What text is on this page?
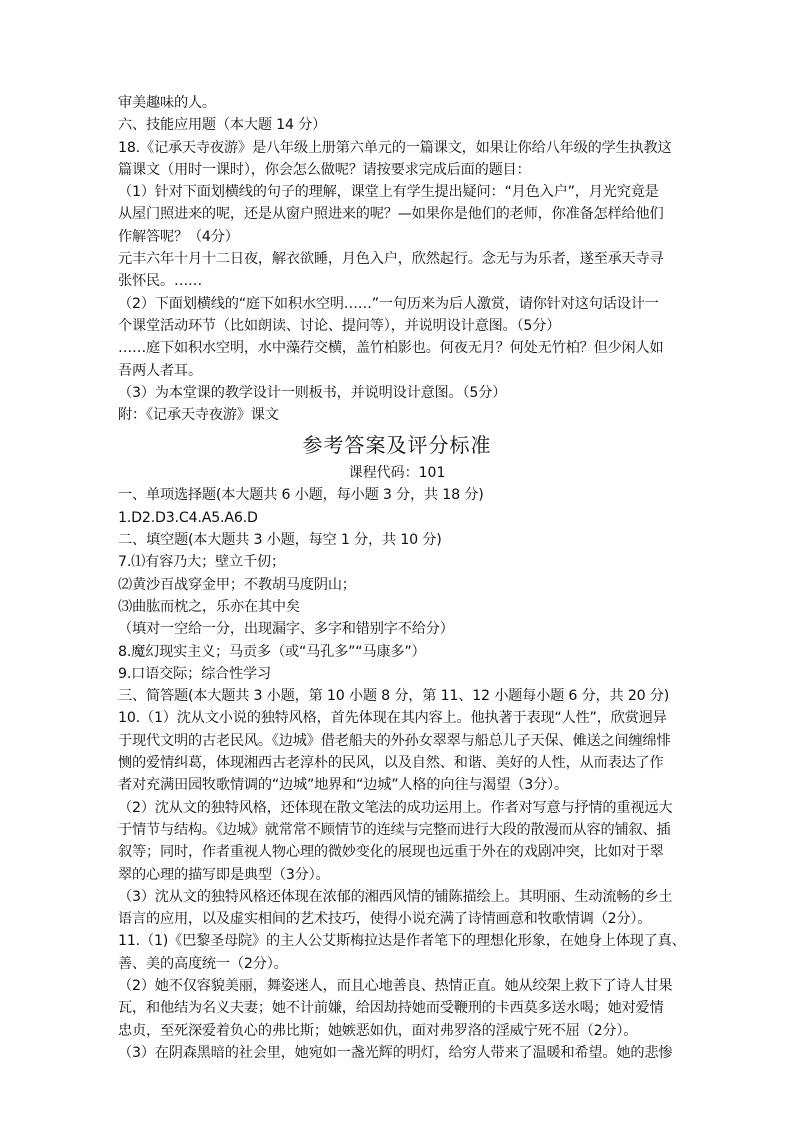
审美趣味的人。
六、技能应用题（本大题 14 分）
18.《记承天寺夜游》是八年级上册第六单元的一篇课文，如果让你给八年级的学生执教这
篇课文（用时一课时），你会怎么做呢？请按要求完成后面的题目：
（1）针对下面划横线的句子的理解，课堂上有学生提出疑问：“月色入户”，月光究竟是
从屋门照进来的呢，还是从窗户照进来的呢？—如果你是他们的老师，你准备怎样给他们
作解答呢？（4分）
元丰六年十月十二日夜，解衣欲睡，月色入户，欣然起行。念无与为乐者，遂至承天寺寻
张怀民。……
（2）下面划横线的“庭下如积水空明……”一句历来为后人激赏，请你针对这句话设计一
个课堂活动环节（比如朗读、讨论、提问等），并说明设计意图。（5分）
……庭下如积水空明，水中藻荇交横，盖竹柏影也。何夜无月？何处无竹柏？但少闲人如
吾两人者耳。
（3）为本堂课的教学设计一则板书，并说明设计意图。（5分）
附：《记承天寺夜游》课文
参考答案及评分标准
课程代码：101
一、单项选择题(本大题共 6 小题，每小题 3 分，共 18 分)
1.D2.D3.C4.A5.A6.D
二、填空题(本大题共 3 小题，每空 1 分，共 10 分)
7.⑴有容乃大；壁立千仞；
⑵黄沙百战穿金甲；不教胡马度阴山；
⑶曲肱而枕之，乐亦在其中矣
（填对一空给一分，出现漏字、多字和错别字不给分）
8.魔幻现实主义；马贡多（或“马孔多”“马康多”）
9.口语交际；综合性学习
三、简答题(本大题共 3 小题，第 10 小题 8 分，第 11、12 小题每小题 6 分，共 20 分)
10.（1）沈从文小说的独特风格，首先体现在其内容上。他执著于表现“人性”，欣赏迥异
于现代文明的古老民风。《边城》借老船夫的外孙女翠翠与船总儿子天保、傩送之间缠绵悱
恻的爱情纠葛，体现湘西古老淳朴的民风，以及自然、和谐、美好的人性，从而表达了作
者对充满田园牧歌情调的“边城”地界和“边城”人格的向往与渴望（3分）。
（2）沈从文的独特风格，还体现在散文笔法的成功运用上。作者对写意与抒情的重视远大
于情节与结构。《边城》就常常不顾情节的连续与完整而进行大段的散漫而从容的铺叙、插
叙等；同时，作者重视人物心理的微妙变化的展现也远重于外在的戏剧冲突，比如对于翠
翠的心理的描写即是典型（3分）。
（3）沈从文的独特风格还体现在浓郁的湘西风情的铺陈描绘上。其明丽、生动流畅的乡土
语言的应用，以及虚实相间的艺术技巧，使得小说充满了诗情画意和牧歌情调（2分）。
11.（1)《巴黎圣母院》的主人公艾斯梅拉达是作者笔下的理想化形象，在她身上体现了真、
善、美的高度统一（2分）。
（2）她不仅容貌美丽，舞姿迷人，而且心地善良、热情正直。她从绞架上救下了诗人甘果
瓦，和他结为名义夫妻；她不计前嫌，给因劫持她而受鞭刑的卡西莫多送水喝；她对爱情
忠贞，至死深爱着负心的弗比斯；她嫉恶如仇，面对弗罗洛的淫威宁死不屈（2分）。
（3）在阴森黑暗的社会里，她宛如一盏光辉的明灯，给穷人带来了温暖和希望。她的悲惨
